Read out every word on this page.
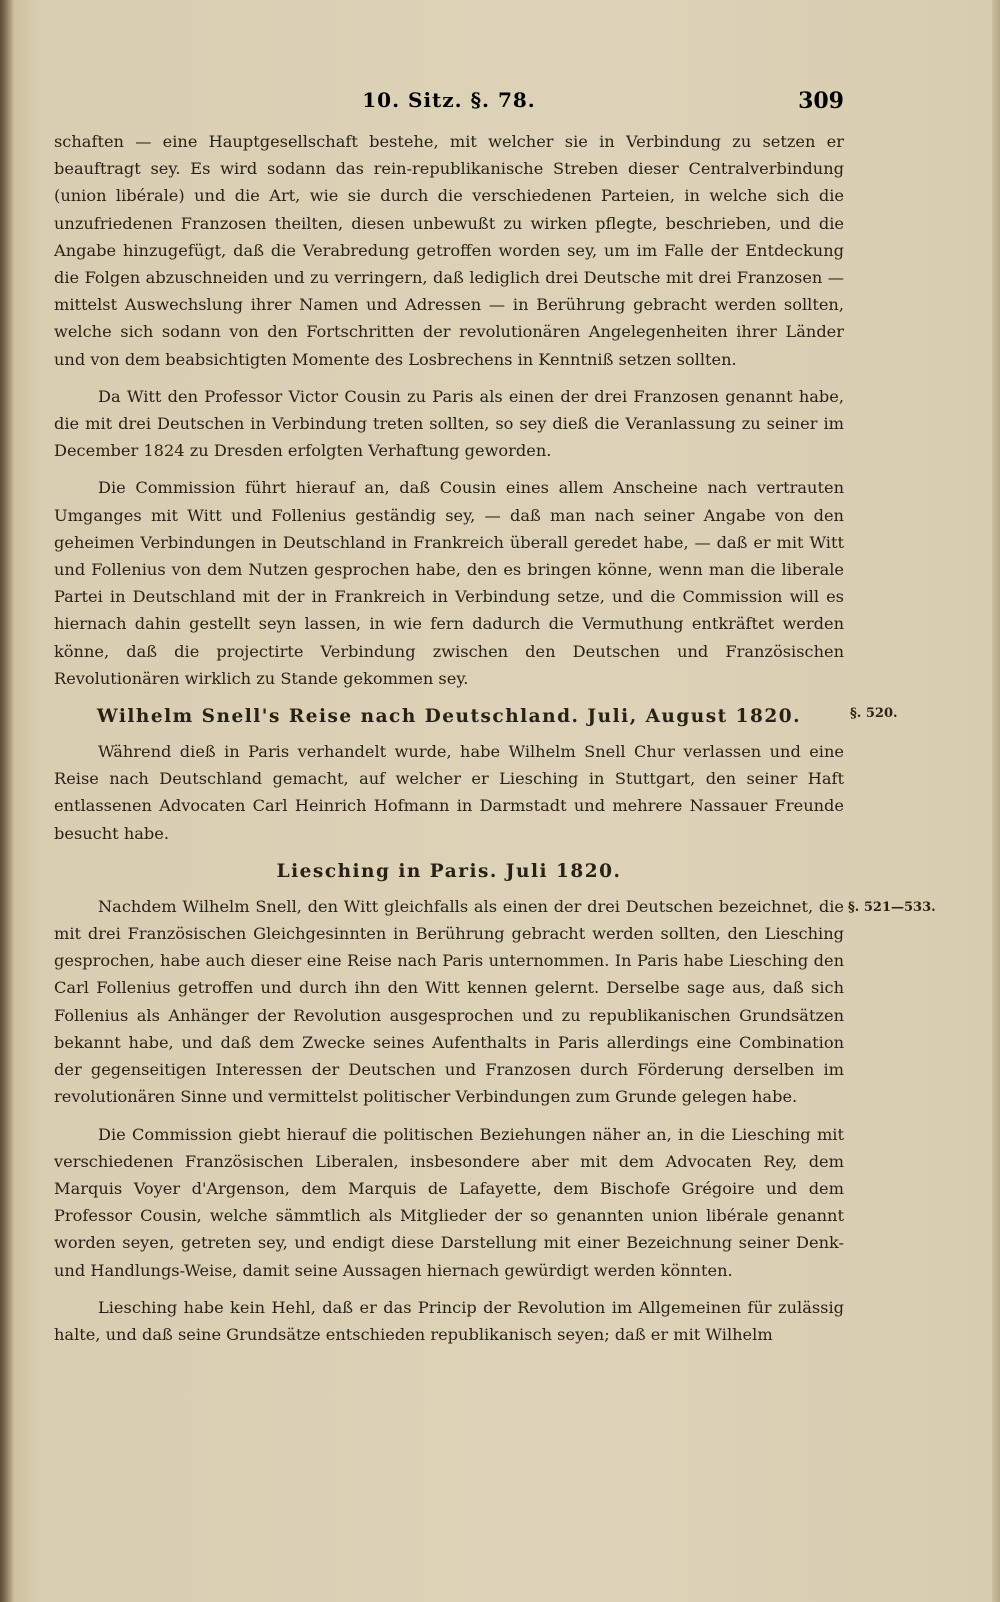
10. Sitz. §. 78.	309

schaften — eine Hauptgesellschaft bestehe, mit welcher sie in Verbindung zu setzen er beauftragt sey. Es wird sodann das rein-republikanische Streben dieser Centralverbindung (union libérale) und die Art, wie sie durch die verschiedenen Parteien, in welche sich die unzufriedenen Franzosen theilten, diesen unbewußt zu wirken pflegte, beschrieben, und die Angabe hinzugefügt, daß die Verabredung getroffen worden sey, um im Falle der Entdeckung die Folgen abzuschneiden und zu verringern, daß lediglich drei Deutsche mit drei Franzosen — mittelst Auswechslung ihrer Namen und Adressen — in Berührung gebracht werden sollten, welche sich sodann von den Fortschritten der revolutionären Angelegenheiten ihrer Länder und von dem beabsichtigten Momente des Losbrechens in Kenntniß setzen sollten.

Da Witt den Professor Victor Cousin zu Paris als einen der drei Franzosen genannt habe, die mit drei Deutschen in Verbindung treten sollten, so sey dieß die Veranlassung zu seiner im December 1824 zu Dresden erfolgten Verhaftung geworden.

Die Commission führt hierauf an, daß Cousin eines allem Anscheine nach vertrauten Umganges mit Witt und Follenius geständig sey, — daß man nach seiner Angabe von den geheimen Verbindungen in Deutschland in Frankreich überall geredet habe, — daß er mit Witt und Follenius von dem Nutzen gesprochen habe, den es bringen könne, wenn man die liberale Partei in Deutschland mit der in Frankreich in Verbindung setze, und die Commission will es hiernach dahin gestellt seyn lassen, in wie fern dadurch die Vermuthung entkräftet werden könne, daß die projectirte Verbindung zwischen den Deutschen und Französischen Revolutionären wirklich zu Stande gekommen sey.

Wilhelm Snell's Reise nach Deutschland. Juli, August 1820.

Während dieß in Paris verhandelt wurde, habe Wilhelm Snell Chur verlassen und eine Reise nach Deutschland gemacht, auf welcher er Liesching in Stuttgart, den seiner Haft entlassenen Advocaten Carl Heinrich Hofmann in Darmstadt und mehrere Nassauer Freunde besucht habe.

Liesching in Paris. Juli 1820.

Nachdem Wilhelm Snell, den Witt gleichfalls als einen der drei Deutschen bezeichnet, die mit drei Französischen Gleichgesinnten in Berührung gebracht werden sollten, den Liesching gesprochen, habe auch dieser eine Reise nach Paris unternommen. In Paris habe Liesching den Carl Follenius getroffen und durch ihn den Witt kennen gelernt. Derselbe sage aus, daß sich Follenius als Anhänger der Revolution ausgesprochen und zu republikanischen Grundsätzen bekannt habe, und daß dem Zwecke seines Aufenthalts in Paris allerdings eine Combination der gegenseitigen Interessen der Deutschen und Franzosen durch Förderung derselben im revolutionären Sinne und vermittelst politischer Verbindungen zum Grunde gelegen habe.

Die Commission giebt hierauf die politischen Beziehungen näher an, in die Liesching mit verschiedenen Französischen Liberalen, insbesondere aber mit dem Advocaten Rey, dem Marquis Voyer d'Argenson, dem Marquis de Lafayette, dem Bischofe Grégoire und dem Professor Cousin, welche sämmtlich als Mitglieder der so genannten union libérale genannt worden seyen, getreten sey, und endigt diese Darstellung mit einer Bezeichnung seiner Denk- und Handlungs-Weise, damit seine Aussagen hiernach gewürdigt werden könnten.

Liesching habe kein Hehl, daß er das Princip der Revolution im Allgemeinen für zulässig halte, und daß seine Grundsätze entschieden republikanisch seyen; daß er mit Wilhelm

§. 520.
§. 521—533.
